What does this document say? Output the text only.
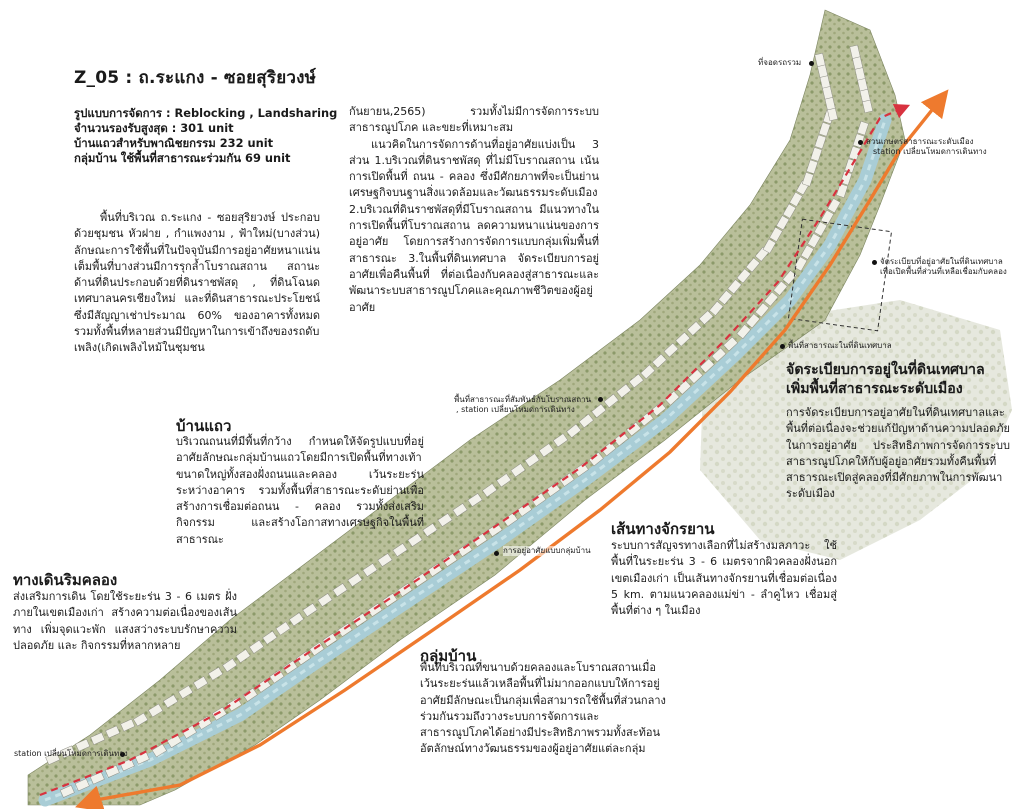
ที่จอดรถรวม
สวนเกษตรสาธารณะระดับเมือง
station เปลี่ยนโหมดการเดินทาง
จัดระเบียบที่อยู่อาศัยในที่ดินเทศบาล
เพื่อเปิดพื้นที่ส่วนที่เหลือเชื่อมกับคลอง
พื้นที่สาธารณะในที่ดินเทศบาล
พื้นที่สาธารณะที่สัมพันธ์กับโบราณสถาน
, station เปลี่ยนโหมดการเดินทาง
การอยู่อาศัยแบบกลุ่มบ้าน
station เปลี่ยนโหมดการเดินทาง
Z_05 : ถ.ระแกง - ซอยสุริยวงษ์
รูปแบบการจัดการ : Reblocking , Landsharing
จำนวนรองรับสูงสุด : 301 unit
บ้านแถวสำหรับพาณิชยกรรม 232 unit
กลุ่มบ้าน ใช้พื้นที่สาธารณะร่วมกัน 69 unit
พื้นที่บริเวณ ถ.ระแกง - ซอยสุริยวงษ์ ประกอบด้วยชุมชน หัวฝาย , กำแพงงาม , ฟ้าใหม่(บางส่วน) ลักษณะการใช้พื้นที่ในปัจจุบันมีการอยู่อาศัยหนาแน่นเต็มพื้นที่บางส่วนมีการรุกล้ำโบราณสถาน สถานะด้านที่ดินประกอบด้วยที่ดินราชพัสดุ , ที่ดินโฉนด เทศบาลนครเชียงใหม่ และที่ดินสาธารณะประโยชน์ ซึ่งมีสัญญาเช่าประมาณ 60% ของอาคารทั้งหมด รวมทั้งพื้นที่หลายส่วนมีปัญหาในการเข้าถึงของรถดับเพลิง(เกิดเพลิงไหม้ในชุมชน
กันยายน,2565) รวมทั้งไม่มีการจัดการระบบสาธารณูปโภค และขยะที่เหมาะสม
แนวคิดในการจัดการด้านที่อยู่อาศัยแบ่งเป็น 3 ส่วน 1.บริเวณที่ดินราชพัสดุ ที่ไม่มีโบราณสถาน เน้นการเปิดพื้นที่ ถนน - คลอง ซึ่งมีศักยภาพที่จะเป็นย่านเศรษฐกิจบนฐานสิ่งแวดล้อมและวัฒนธรรมระดับเมือง 2.บริเวณที่ดินราชพัสดุที่มีโบราณสถาน มีแนวทางในการเปิดพื้นที่โบราณสถาน ลดความหนาแน่นของการอยู่อาศัย โดยการสร้างการจัดการแบบกลุ่มเพิ่มพื้นที่สาธารณะ 3.ในพื้นที่ดินเทศบาล จัดระเบียบการอยู่อาศัยเพื่อคืนพื้นที่ ที่ต่อเนื่องกับคลองสู่สาธารณะและพัฒนาระบบสาธารณูปโภคและคุณภาพชีวิตของผู้อยู่อาศัย
บ้านแถว
บริเวณถนนที่มีพื้นที่กว้าง กำหนดให้จัดรูปแบบที่อยู่อาศัยลักษณะกลุ่มบ้านแถวโดยมีการเปิดพื้นที่ทางเท้าขนาดใหญ่ทั้งสองฝั่งถนนและคลอง เว้นระยะร่นระหว่างอาคาร รวมทั้งพื้นที่สาธารณะระดับย่านเพื่อสร้างการเชื่อมต่อถนน - คลอง รวมทั้งส่งเสริมกิจกรรม และสร้างโอกาสทางเศรษฐกิจในพื้นที่สาธารณะ
ทางเดินริมคลอง
ส่งเสริมการเดิน โดยใช้ระยะร่น 3 - 6 เมตร ฝั่งภายในเขตเมืองเก่า สร้างความต่อเนื่องของเส้นทาง เพิ่มจุดแวะพัก แสงสว่างระบบรักษาความปลอดภัย และ กิจกรรมที่หลากหลาย
จัดระเบียบการอยู่ในที่ดินเทศบาล เพิ่มพื้นที่สาธารณะระดับเมือง
การจัดระเบียบการอยู่อาศัยในที่ดินเทศบาลและพื้นที่ต่อเนื่องจะช่วยแก้ปัญหาด้านความปลอดภัยในการอยู่อาศัย ประสิทธิภาพการจัดการระบบสาธารณูปโภคให้กับผู้อยู่อาศัยรวมทั้งคืนพื้นที่สาธารณะเปิดสู่คลองที่มีศักยภาพในการพัฒนาระดับเมือง
เส้นทางจักรยาน
ระบบการสัญจรทางเลือกที่ไม่สร้างมลภาวะ ใช้พื้นที่ในระยะร่น 3 - 6 เมตรจากผิวคลองฝั่งนอกเขตเมืองเก่า เป็นเส้นทางจักรยานที่เชื่อมต่อเนื่อง 5 km. ตามแนวคลองแม่ข่า - ลำคูไหว เชื่อมสู่พื้นที่ต่าง ๆ ในเมือง
กลุ่มบ้าน
พื้นที่บริเวณที่ขนาบด้วยคลองและโบราณสถานเมื่อเว้นระยะร่นแล้วเหลือพื้นที่ไม่มากออกแบบให้การอยู่อาศัยมีลักษณะเป็นกลุ่มเพื่อสามารถใช้พื้นที่ส่วนกลางร่วมกันรวมถึงวางระบบการจัดการและสาธารณูปโภคได้อย่างมีประสิทธิภาพรวมทั้งสะท้อนอัตลักษณ์ทางวัฒนธรรมของผู้อยู่อาศัยแต่ละกลุ่ม
